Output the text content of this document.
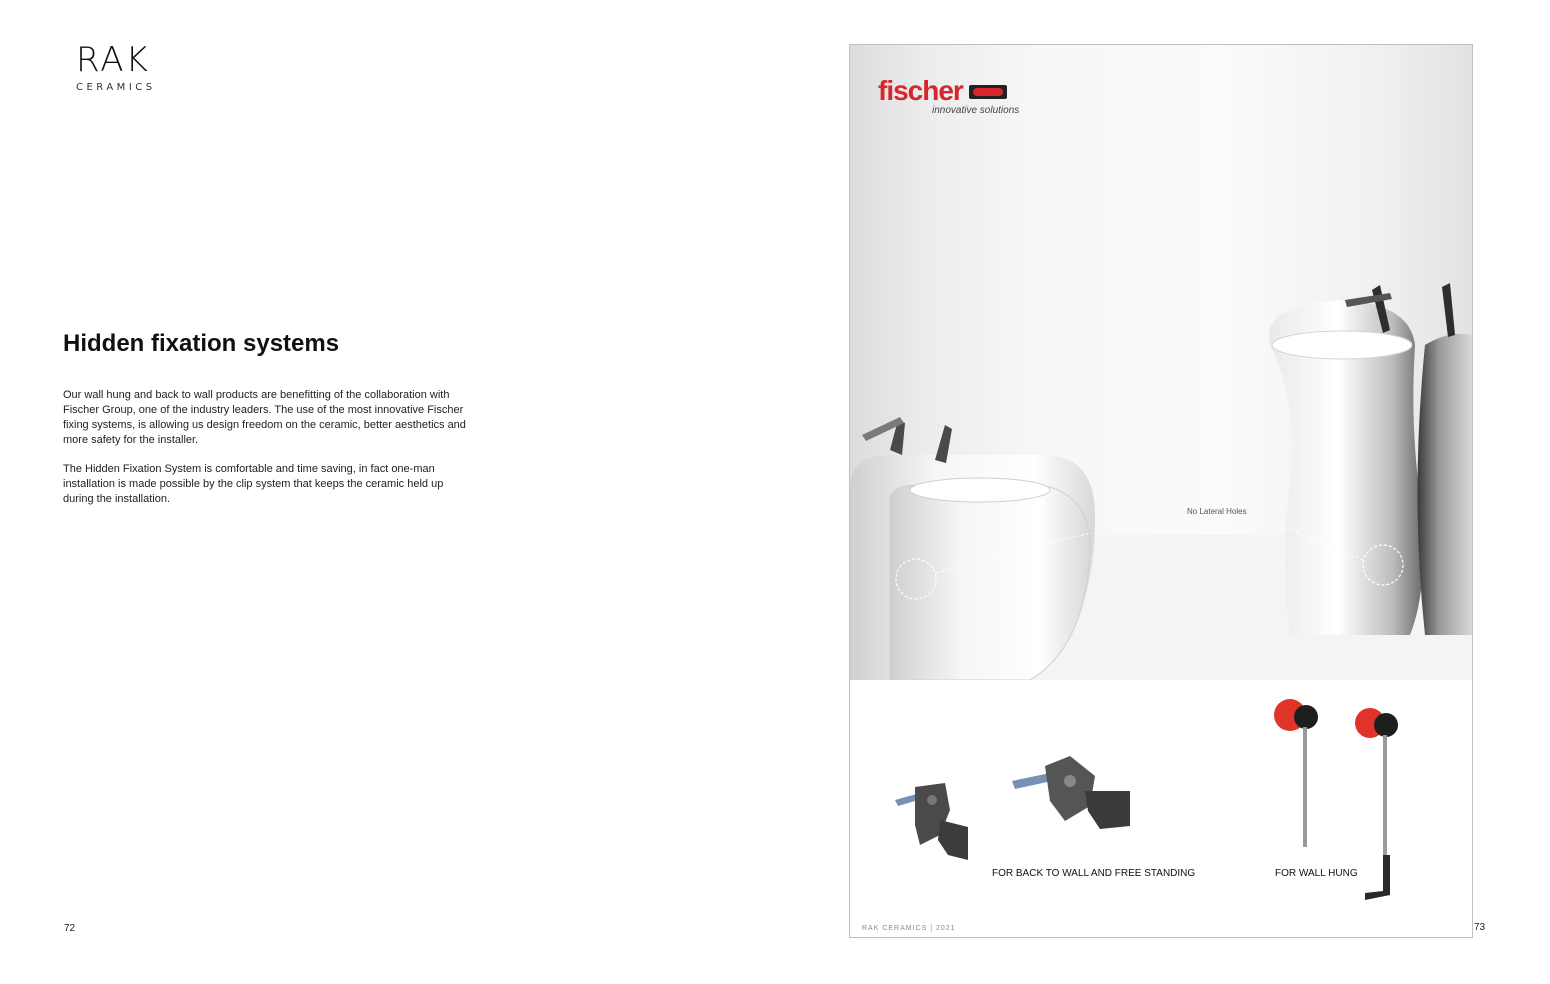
RAK
CERAMICS
Hidden fixation systems
Our wall hung and back to wall products are benefitting of the collaboration with Fischer Group, one of the industry leaders. The use of the most innovative Fischer fixing systems, is allowing us design freedom on the ceramic, better aesthetics and more safety for the installer.
The Hidden Fixation System is comfortable and time saving, in fact one-man installation is made possible by the clip system that keeps the ceramic held up during the installation.
72
fischer
innovative solutions
No Lateral Holes
FOR BACK TO WALL AND FREE STANDING	FOR WALL HUNG
RAK CERAMICS | 2021	73
